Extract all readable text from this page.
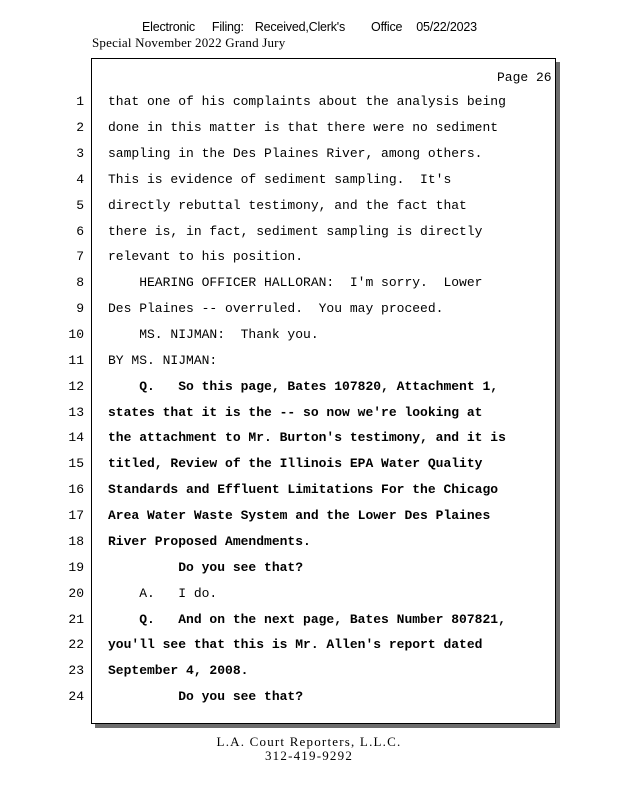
Electronic Filing: Received,Clerk's Office 05/22/2023
Special November 2022 Grand Jury
Page 26
1 that one of his complaints about the analysis being
2 done in this matter is that there were no sediment
3 sampling in the Des Plaines River, among others.
4 This is evidence of sediment sampling.  It's
5 directly rebuttal testimony, and the fact that
6 there is, in fact, sediment sampling is directly
7 relevant to his position.
8 HEARING OFFICER HALLORAN:  I'm sorry.  Lower
9 Des Plaines -- overruled.  You may proceed.
10 MS. NIJMAN:  Thank you.
11 BY MS. NIJMAN:
12 Q.   So this page, Bates 107820, Attachment 1,
13 states that it is the -- so now we're looking at
14 the attachment to Mr. Burton's testimony, and it is
15 titled, Review of the Illinois EPA Water Quality
16 Standards and Effluent Limitations For the Chicago
17 Area Water Waste System and the Lower Des Plaines
18 River Proposed Amendments.
19 Do you see that?
20 A.   I do.
21 Q.   And on the next page, Bates Number 807821,
22 you'll see that this is Mr. Allen's report dated
23 September 4, 2008.
24 Do you see that?
L.A. Court Reporters, L.L.C.
312-419-9292
